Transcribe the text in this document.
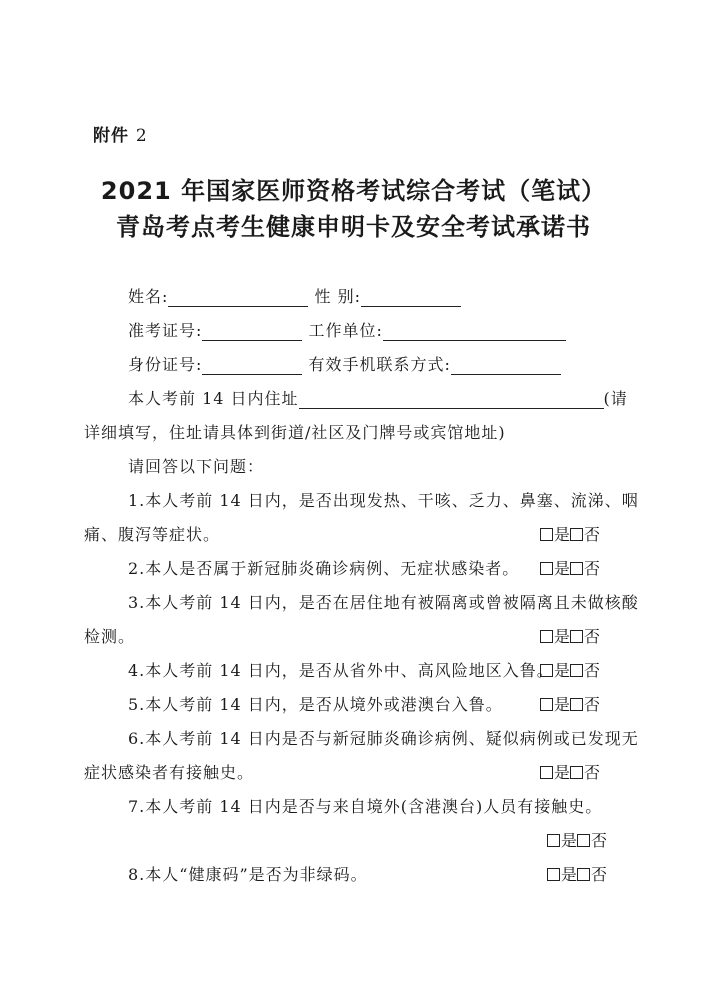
附件 2
2021 年国家医师资格考试综合考试（笔试）
青岛考点考生健康申明卡及安全考试承诺书
姓名:	性 别:
准考证号:	工作单位:
身份证号:	有效手机联系方式:
本人考前 14 日内住址	(请
详细填写，住址请具体到街道/社区及门牌号或宾馆地址)
请回答以下问题：
1.本人考前 14 日内，是否出现发热、干咳、乏力、鼻塞、流涕、咽
痛、腹泻等症状。	是 否
2.本人是否属于新冠肺炎确诊病例、无症状感染者。	是 否
3.本人考前 14 日内，是否在居住地有被隔离或曾被隔离且未做核酸
检测。	是 否
4.本人考前 14 日内，是否从省外中、高风险地区入鲁。 是 否
5.本人考前 14 日内，是否从境外或港澳台入鲁。	是 否
6.本人考前 14 日内是否与新冠肺炎确诊病例、疑似病例或已发现无
症状感染者有接触史。	是 否
7.本人考前 14 日内是否与来自境外(含港澳台)人员有接触史。
是 否
8.本人“健康码”是否为非绿码。	是 否
